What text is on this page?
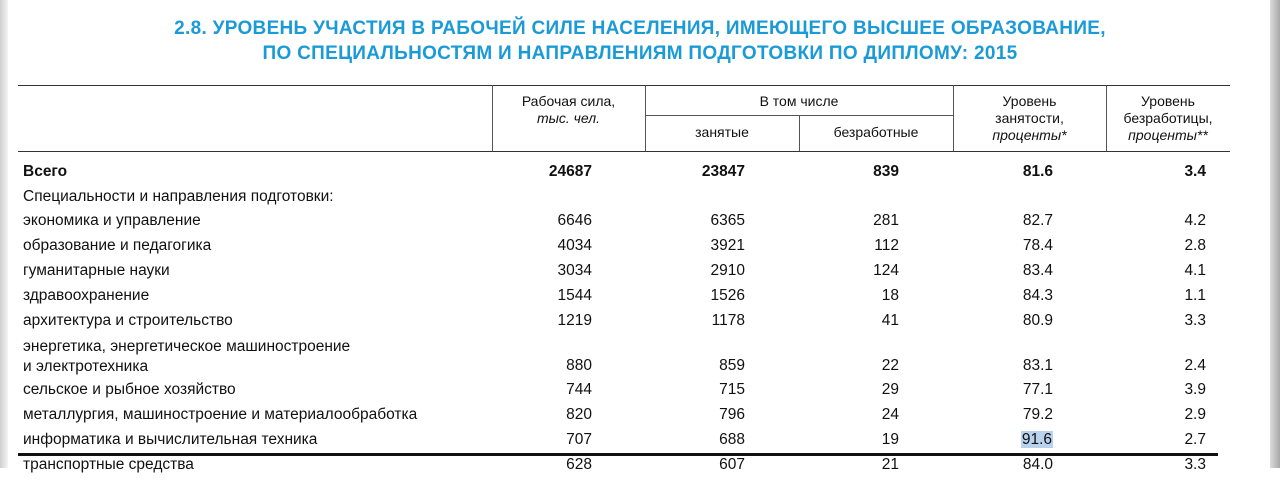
2.8. УРОВЕНЬ УЧАСТИЯ В РАБОЧЕЙ СИЛЕ НАСЕЛЕНИЯ, ИМЕЮЩЕГО ВЫСШЕЕ ОБРАЗОВАНИЕ,
ПО СПЕЦИАЛЬНОСТЯМ И НАПРАВЛЕНИЯМ ПОДГОТОВКИ ПО ДИПЛОМУ: 2015
Рабочая сила,
тыс. чел.
В том числе
занятые	безработные
Уровень
занятости,
проценты*
Уровень
безработицы,
проценты**
Всего	24687	23847	839	81.6	3.4
Специальности и направления подготовки:
экономика и управление	6646	6365	281	82.7	4.2
образование и педагогика	4034	3921	112	78.4	2.8
гуманитарные науки	3034	2910	124	83.4	4.1
здравоохранение	1544	1526	18	84.3	1.1
архитектура и строительство	1219	1178	41	80.9	3.3
энергетика, энергетическое машиностроение
и электротехника	880	859	22	83.1	2.4
сельское и рыбное хозяйство	744	715	29	77.1	3.9
металлургия, машиностроение и материалообработка	820	796	24	79.2	2.9
информатика и вычислительная техника	707	688	19	91.6	2.7
транспортные средства	628	607	21	84.0	3.3
